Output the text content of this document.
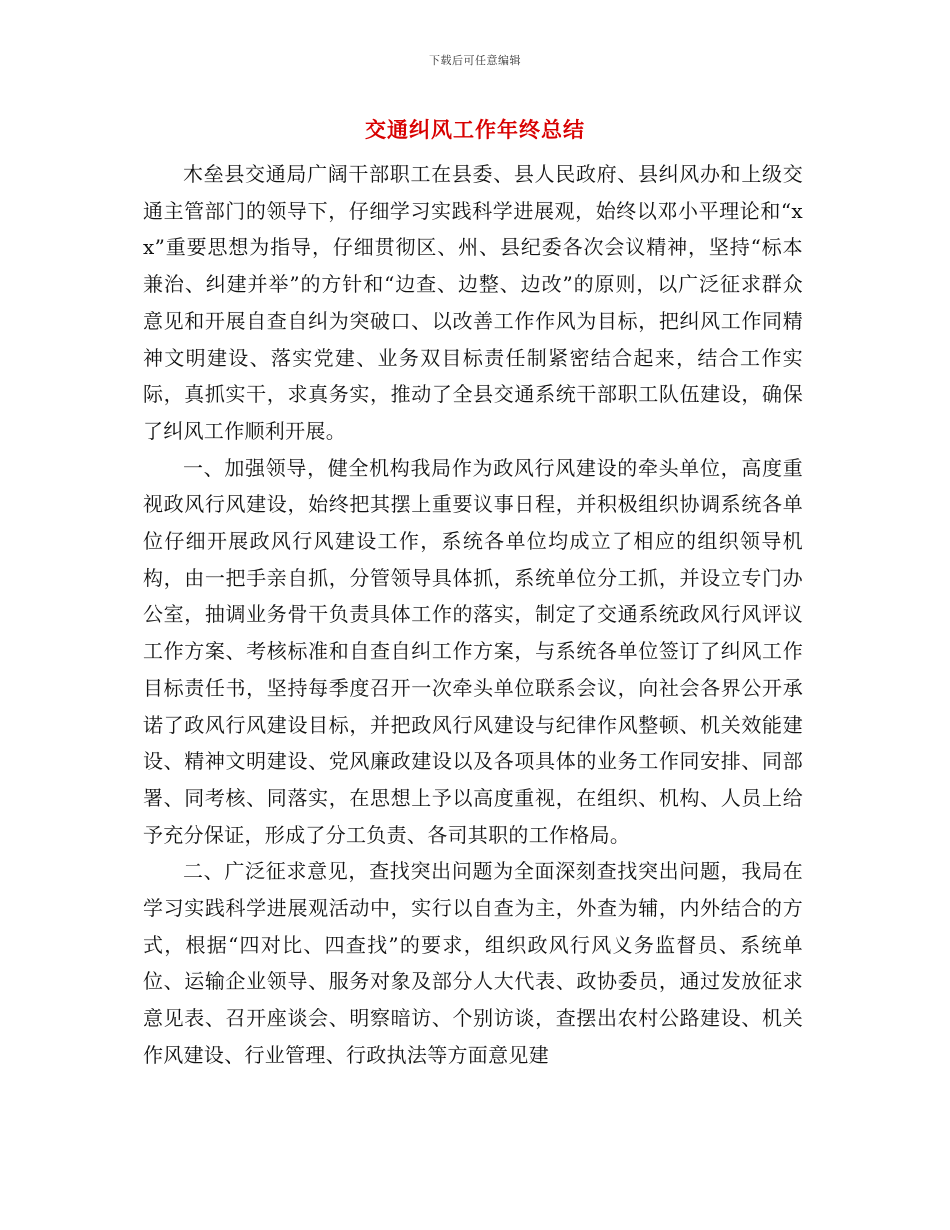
下载后可任意编辑
交通纠风工作年终总结

木垒县交通局广阔干部职工在县委、县人民政府、县纠风办和上级交通主管部门的领导下，仔细学习实践科学进展观，始终以邓小平理论和“xx”重要思想为指导，仔细贯彻区、州、县纪委各次会议精神，坚持“标本兼治、纠建并举”的方针和“边查、边整、边改”的原则，以广泛征求群众意见和开展自查自纠为突破口、以改善工作作风为目标，把纠风工作同精神文明建设、落实党建、业务双目标责任制紧密结合起来，结合工作实际，真抓实干，求真务实，推动了全县交通系统干部职工队伍建设，确保了纠风工作顺利开展。

一、加强领导，健全机构我局作为政风行风建设的牵头单位，高度重视政风行风建设，始终把其摆上重要议事日程，并积极组织协调系统各单位仔细开展政风行风建设工作，系统各单位均成立了相应的组织领导机构，由一把手亲自抓，分管领导具体抓，系统单位分工抓，并设立专门办公室，抽调业务骨干负责具体工作的落实，制定了交通系统政风行风评议工作方案、考核标准和自查自纠工作方案，与系统各单位签订了纠风工作目标责任书，坚持每季度召开一次牵头单位联系会议，向社会各界公开承诺了政风行风建设目标，并把政风行风建设与纪律作风整顿、机关效能建设、精神文明建设、党风廉政建设以及各项具体的业务工作同安排、同部署、同考核、同落实，在思想上予以高度重视，在组织、机构、人员上给予充分保证，形成了分工负责、各司其职的工作格局。

二、广泛征求意见，查找突出问题为全面深刻查找突出问题，我局在学习实践科学进展观活动中，实行以自查为主，外查为辅，内外结合的方式，根据“四对比、四查找”的要求，组织政风行风义务监督员、系统单位、运输企业领导、服务对象及部分人大代表、政协委员，通过发放征求意见表、召开座谈会、明察暗访、个别访谈，查摆出农村公路建设、机关作风建设、行业管理、行政执法等方面意见建
